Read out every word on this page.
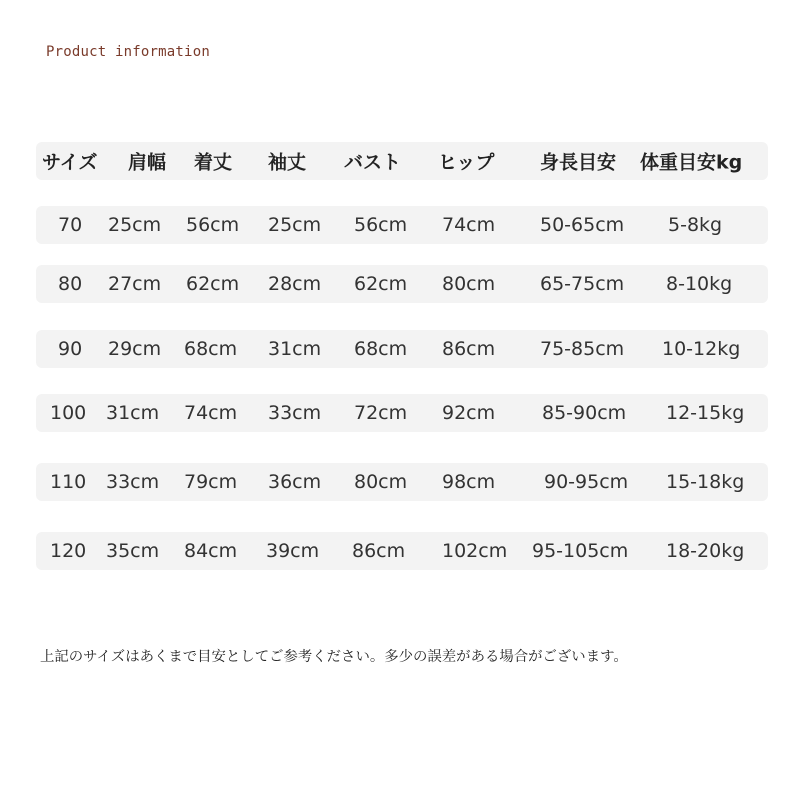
Product information
サイズ 肩幅 着丈 袖丈 バスト ヒップ 身長目安 体重目安kg
70 25cm 56cm 25cm 56cm 74cm 50-65cm 5-8kg
80 27cm 62cm 28cm 62cm 80cm 65-75cm 8-10kg
90 29cm 68cm 31cm 68cm 86cm 75-85cm 10-12kg
100 31cm 74cm 33cm 72cm 92cm 85-90cm 12-15kg
110 33cm 79cm 36cm 80cm 98cm	90-95cm 15-18kg
120 35cm 84cm 39cm 86cm 102cm 95-105cm 18-20kg
上記のサイズはあくまで目安としてご参考ください。多少の誤差がある場合がございます。
